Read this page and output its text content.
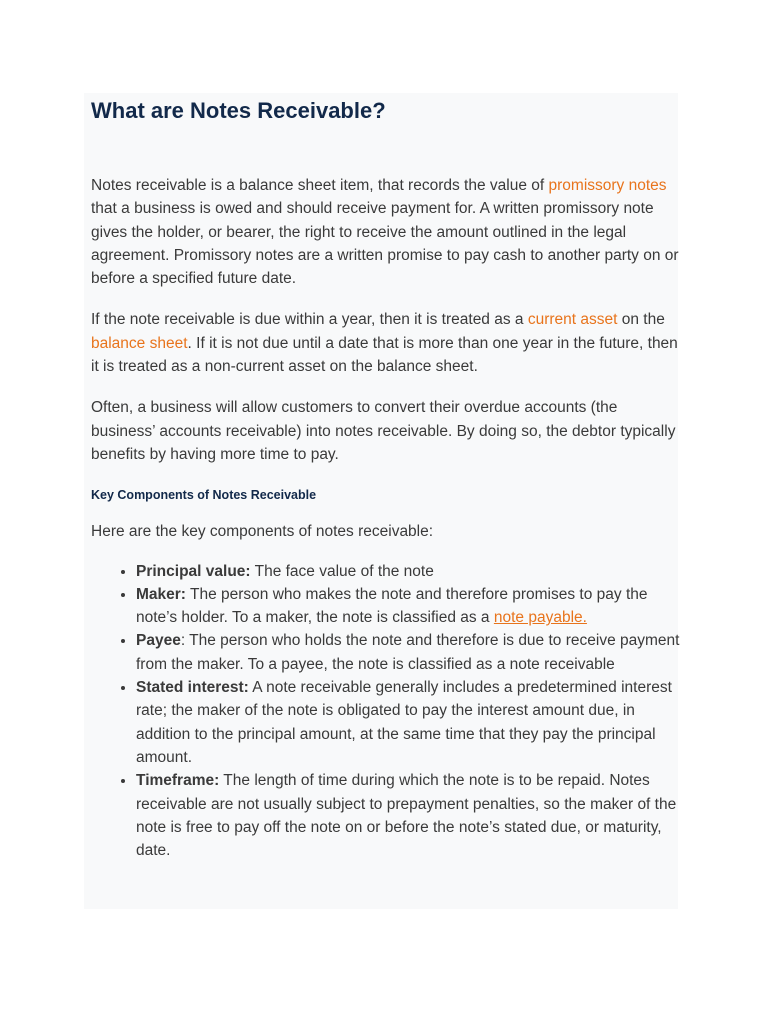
What are Notes Receivable?

Notes receivable is a balance sheet item, that records the value of promissory notes that a business is owed and should receive payment for. A written promissory note gives the holder, or bearer, the right to receive the amount outlined in the legal agreement. Promissory notes are a written promise to pay cash to another party on or before a specified future date.

If the note receivable is due within a year, then it is treated as a current asset on the balance sheet. If it is not due until a date that is more than one year in the future, then it is treated as a non-current asset on the balance sheet.

Often, a business will allow customers to convert their overdue accounts (the business’ accounts receivable) into notes receivable. By doing so, the debtor typically benefits by having more time to pay.

Key Components of Notes Receivable

Here are the key components of notes receivable:

• Principal value: The face value of the note
• Maker: The person who makes the note and therefore promises to pay the note’s holder. To a maker, the note is classified as a note payable.
• Payee: The person who holds the note and therefore is due to receive payment from the maker. To a payee, the note is classified as a note receivable
• Stated interest: A note receivable generally includes a predetermined interest rate; the maker of the note is obligated to pay the interest amount due, in addition to the principal amount, at the same time that they pay the principal amount.
• Timeframe: The length of time during which the note is to be repaid. Notes receivable are not usually subject to prepayment penalties, so the maker of the note is free to pay off the note on or before the note’s stated due, or maturity, date.
